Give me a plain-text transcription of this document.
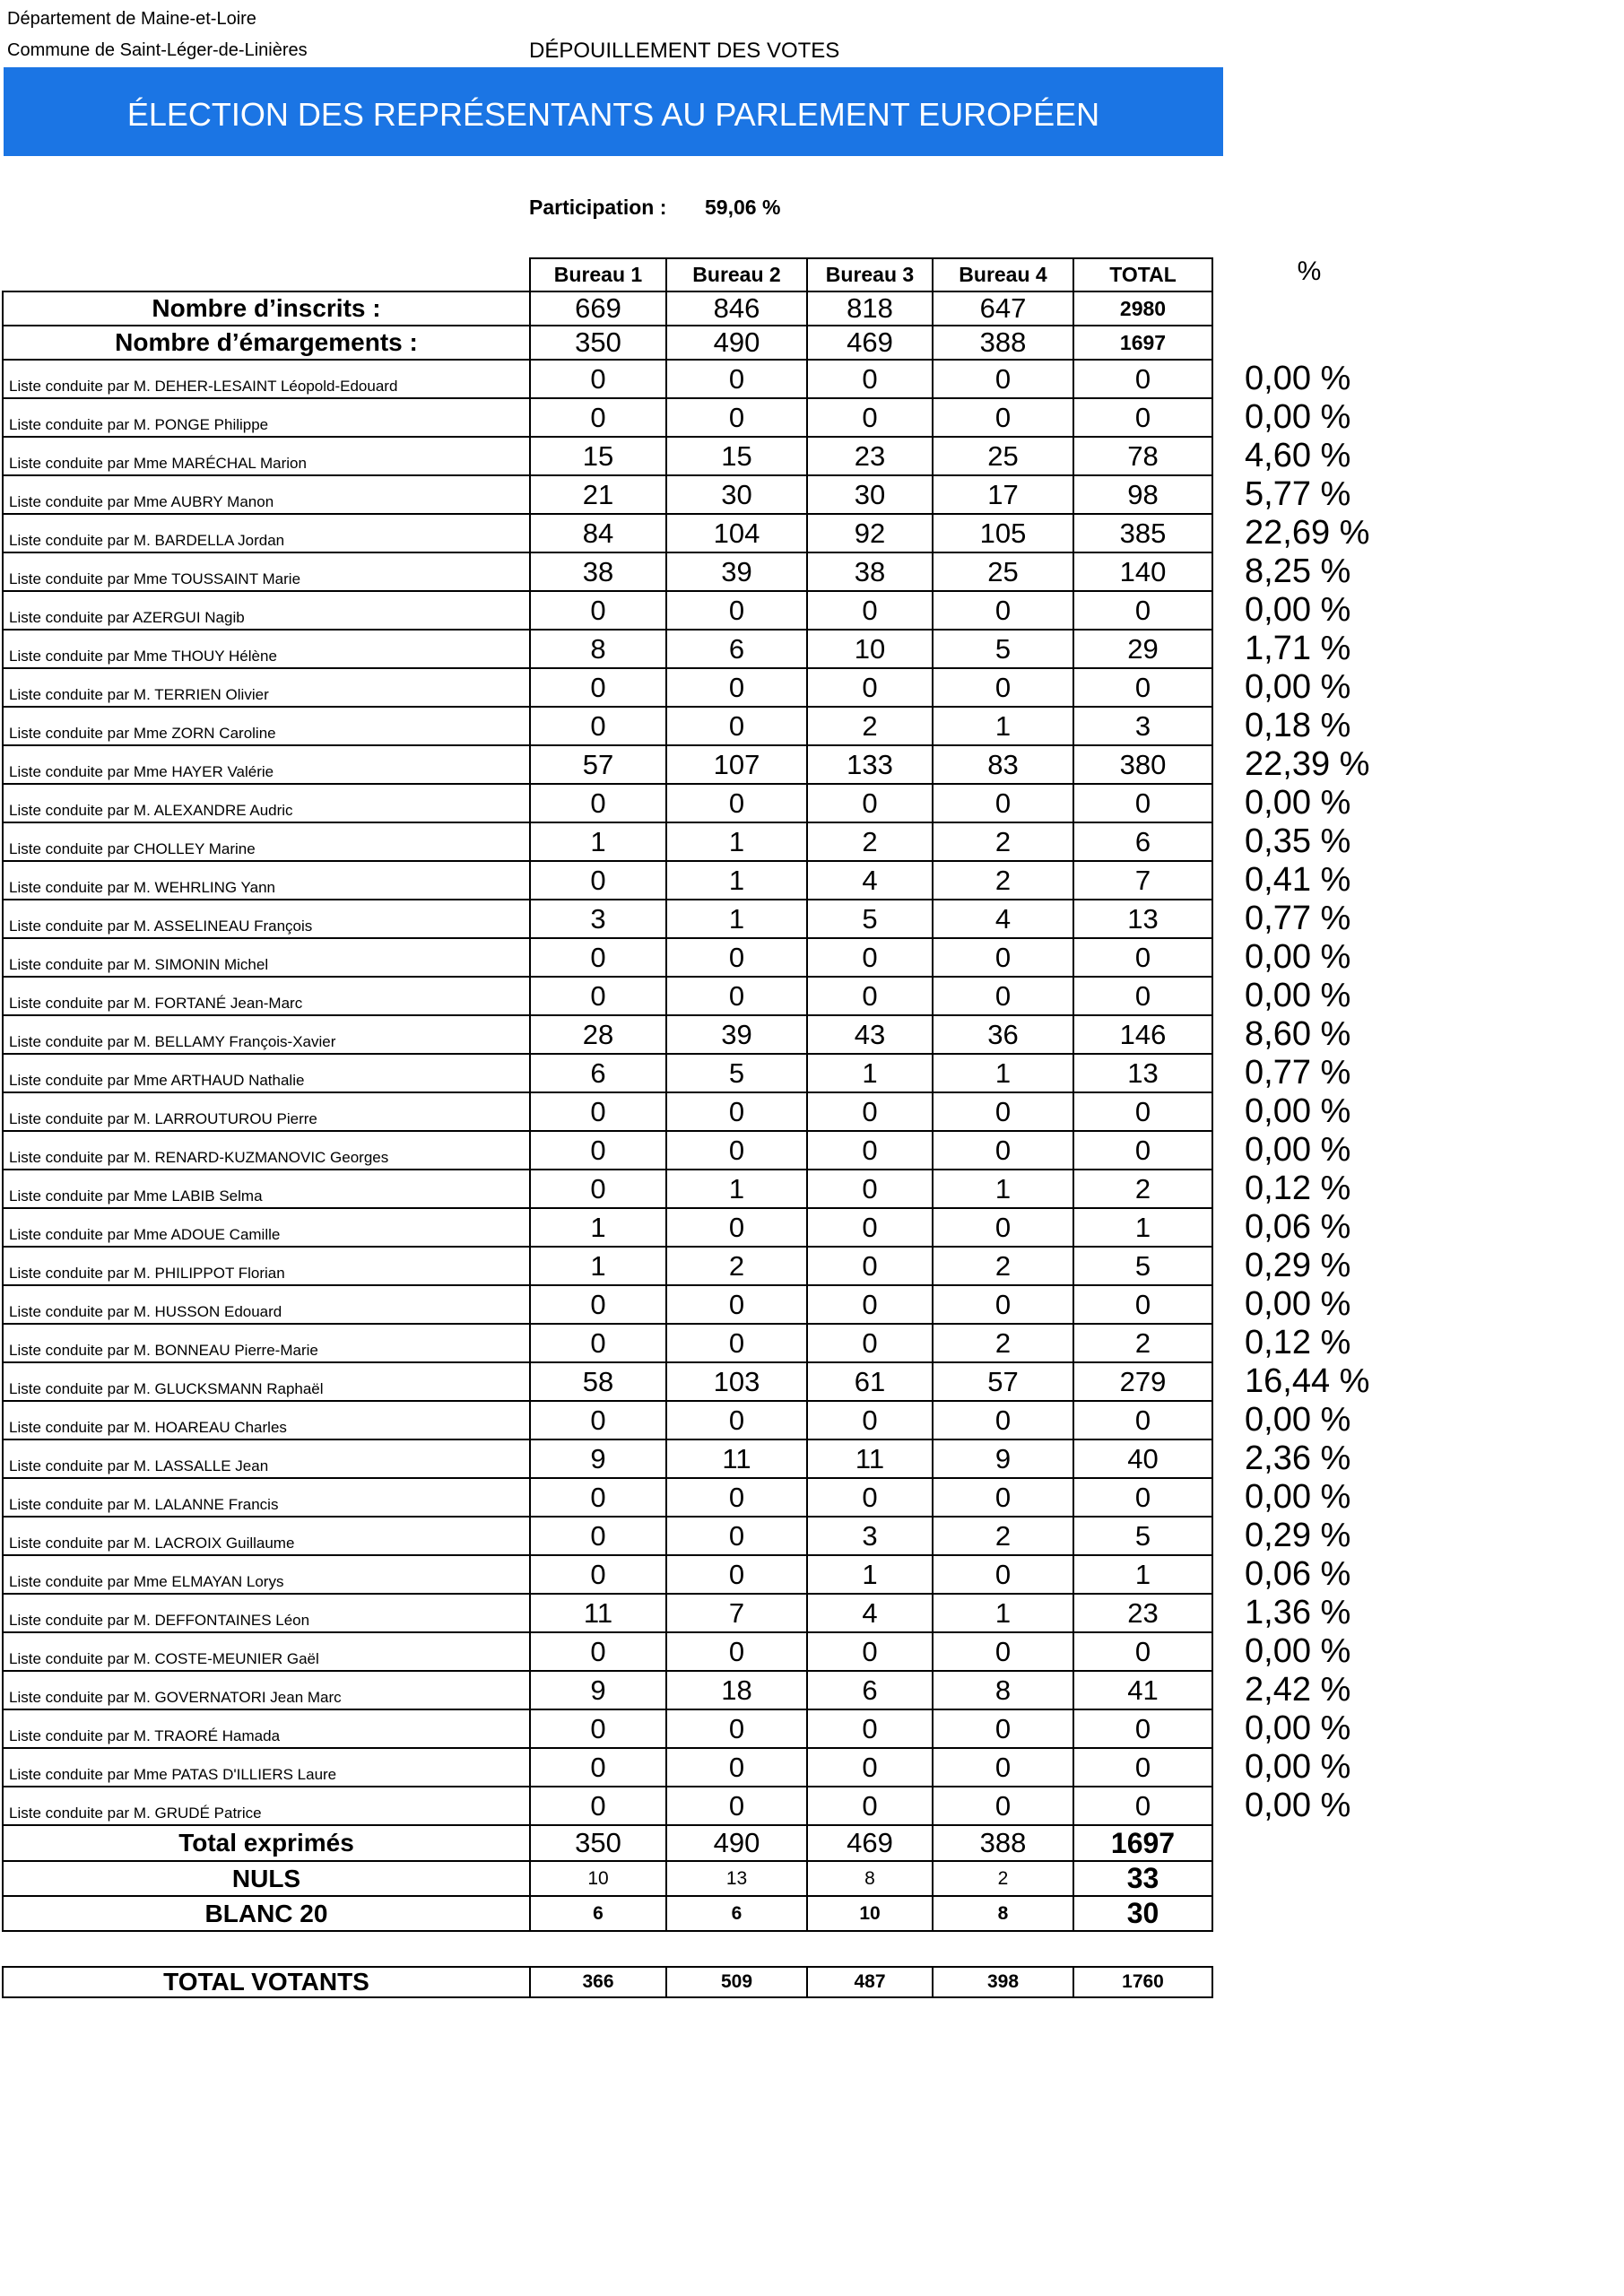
Département de Maine-et-Loire
Commune de Saint-Léger-de-Linières	DÉPOUILLEMENT DES VOTES
ÉLECTION DES REPRÉSENTANTS AU PARLEMENT EUROPÉEN
Participation : 59,06 %
%
	Bureau 1	Bureau 2	Bureau 3	Bureau 4	TOTAL	
Nombre d’inscrits :	669	846	818	647	2980	
Nombre d’émargements :	350	490	469	388	1697	
Liste conduite par M. DEHER-LESAINT Léopold-Edouard	0	0	0	0	0	0,00 %
Liste conduite par M. PONGE Philippe	0	0	0	0	0	0,00 %
Liste conduite par Mme MARÉCHAL Marion	15	15	23	25	78	4,60 %
Liste conduite par Mme AUBRY Manon	21	30	30	17	98	5,77 %
Liste conduite par M. BARDELLA Jordan	84	104	92	105	385	22,69 %
Liste conduite par Mme TOUSSAINT Marie	38	39	38	25	140	8,25 %
Liste conduite par AZERGUI Nagib	0	0	0	0	0	0,00 %
Liste conduite par Mme THOUY Hélène	8	6	10	5	29	1,71 %
Liste conduite par M. TERRIEN Olivier	0	0	0	0	0	0,00 %
Liste conduite par Mme ZORN Caroline	0	0	2	1	3	0,18 %
Liste conduite par Mme HAYER Valérie	57	107	133	83	380	22,39 %
Liste conduite par M. ALEXANDRE Audric	0	0	0	0	0	0,00 %
Liste conduite par CHOLLEY Marine	1	1	2	2	6	0,35 %
Liste conduite par M. WEHRLING Yann	0	1	4	2	7	0,41 %
Liste conduite par M. ASSELINEAU François	3	1	5	4	13	0,77 %
Liste conduite par M. SIMONIN Michel	0	0	0	0	0	0,00 %
Liste conduite par M. FORTANÉ Jean-Marc	0	0	0	0	0	0,00 %
Liste conduite par M. BELLAMY François-Xavier	28	39	43	36	146	8,60 %
Liste conduite par Mme ARTHAUD Nathalie	6	5	1	1	13	0,77 %
Liste conduite par M. LARROUTUROU Pierre	0	0	0	0	0	0,00 %
Liste conduite par M. RENARD-KUZMANOVIC Georges	0	0	0	0	0	0,00 %
Liste conduite par Mme LABIB Selma	0	1	0	1	2	0,12 %
Liste conduite par Mme ADOUE Camille	1	0	0	0	1	0,06 %
Liste conduite par M. PHILIPPOT Florian	1	2	0	2	5	0,29 %
Liste conduite par M. HUSSON Edouard	0	0	0	0	0	0,00 %
Liste conduite par M. BONNEAU Pierre-Marie	0	0	0	2	2	0,12 %
Liste conduite par M. GLUCKSMANN Raphaël	58	103	61	57	279	16,44 %
Liste conduite par M. HOAREAU Charles	0	0	0	0	0	0,00 %
Liste conduite par M. LASSALLE Jean	9	11	11	9	40	2,36 %
Liste conduite par M. LALANNE Francis	0	0	0	0	0	0,00 %
Liste conduite par M. LACROIX Guillaume	0	0	3	2	5	0,29 %
Liste conduite par Mme ELMAYAN Lorys	0	0	1	0	1	0,06 %
Liste conduite par M. DEFFONTAINES Léon	11	7	4	1	23	1,36 %
Liste conduite par M. COSTE-MEUNIER Gaël	0	0	0	0	0	0,00 %
Liste conduite par M. GOVERNATORI Jean Marc	9	18	6	8	41	2,42 %
Liste conduite par M. TRAORÉ Hamada	0	0	0	0	0	0,00 %
Liste conduite par Mme PATAS D'ILLIERS Laure	0	0	0	0	0	0,00 %
Liste conduite par M. GRUDÉ Patrice	0	0	0	0	0	0,00 %
Total exprimés	350	490	469	388	1697	
NULS	10	13	8	2	33	
BLANC 20	6	6	10	8	30	

TOTAL VOTANTS	366	509	487	398	1760	
